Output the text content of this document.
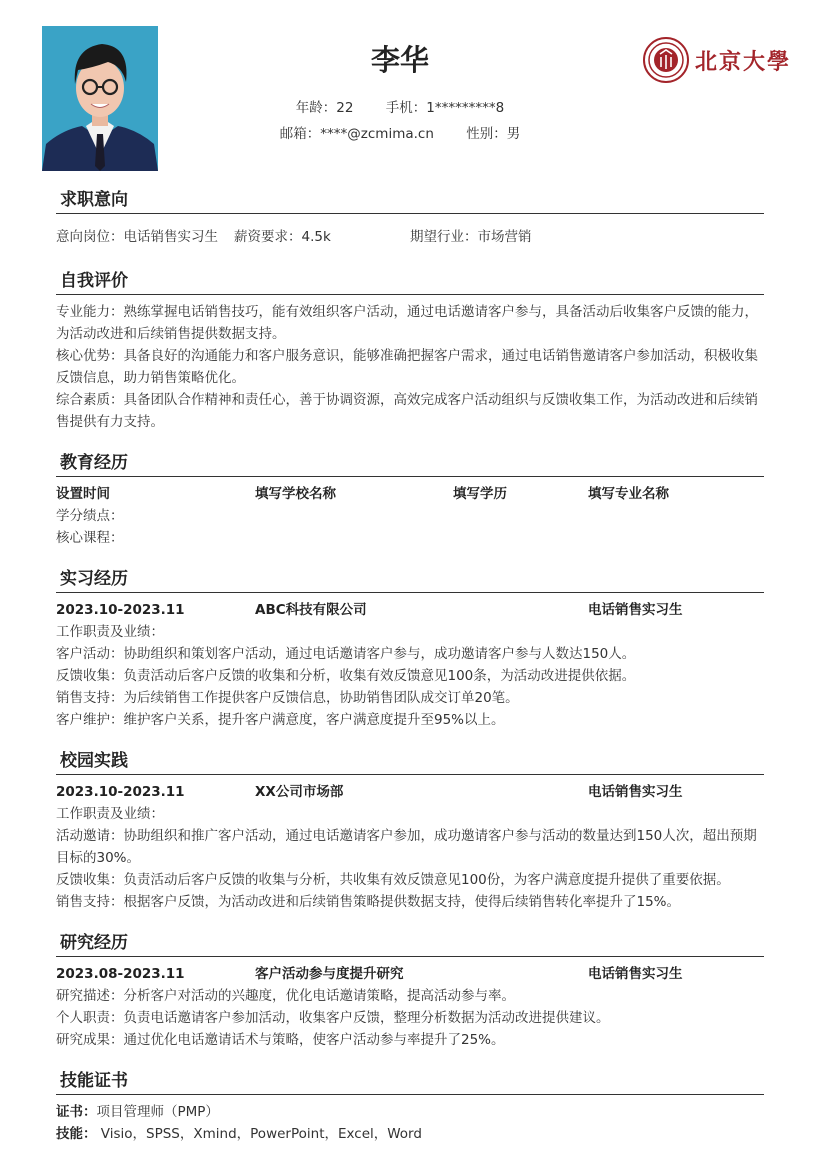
李华
年龄：22 手机：1*********8
邮箱：****@zcmima.cn 性别：男
北京大學
求职意向
意向岗位：电话销售实习生 薪资要求：4.5k	期望行业：市场营销
自我评价
专业能力：熟练掌握电话销售技巧，能有效组织客户活动，通过电话邀请客户参与，具备活动后收集客户反馈的能力，为活动改进和后续销售提供数据支持。
核心优势：具备良好的沟通能力和客户服务意识，能够准确把握客户需求，通过电话销售邀请客户参加活动，积极收集反馈信息，助力销售策略优化。
综合素质：具备团队合作精神和责任心，善于协调资源，高效完成客户活动组织与反馈收集工作，为活动改进和后续销售提供有力支持。
教育经历
设置时间	填写学校名称	填写学历	填写专业名称
学分绩点：
核心课程：
实习经历
2023.10-2023.11	ABC科技有限公司	电话销售实习生
工作职责及业绩：
客户活动：协助组织和策划客户活动，通过电话邀请客户参与，成功邀请客户参与人数达150人。
反馈收集：负责活动后客户反馈的收集和分析，收集有效反馈意见100条，为活动改进提供依据。
销售支持：为后续销售工作提供客户反馈信息，协助销售团队成交订单20笔。
客户维护：维护客户关系，提升客户满意度，客户满意度提升至95%以上。
校园实践
2023.10-2023.11	XX公司市场部	电话销售实习生
工作职责及业绩：
活动邀请：协助组织和推广客户活动，通过电话邀请客户参加，成功邀请客户参与活动的数量达到150人次，超出预期目标的30%。
反馈收集：负责活动后客户反馈的收集与分析，共收集有效反馈意见100份，为客户满意度提升提供了重要依据。
销售支持：根据客户反馈，为活动改进和后续销售策略提供数据支持，使得后续销售转化率提升了15%。
研究经历
2023.08-2023.11	客户活动参与度提升研究	电话销售实习生
研究描述：分析客户对活动的兴趣度，优化电话邀请策略，提高活动参与率。
个人职责：负责电话邀请客户参加活动，收集客户反馈，整理分析数据为活动改进提供建议。
研究成果：通过优化电话邀请话术与策略，使客户活动参与率提升了25%。
技能证书
证书：项目管理师（PMP）
技能： Visio，SPSS，Xmind，PowerPoint，Excel，Word
